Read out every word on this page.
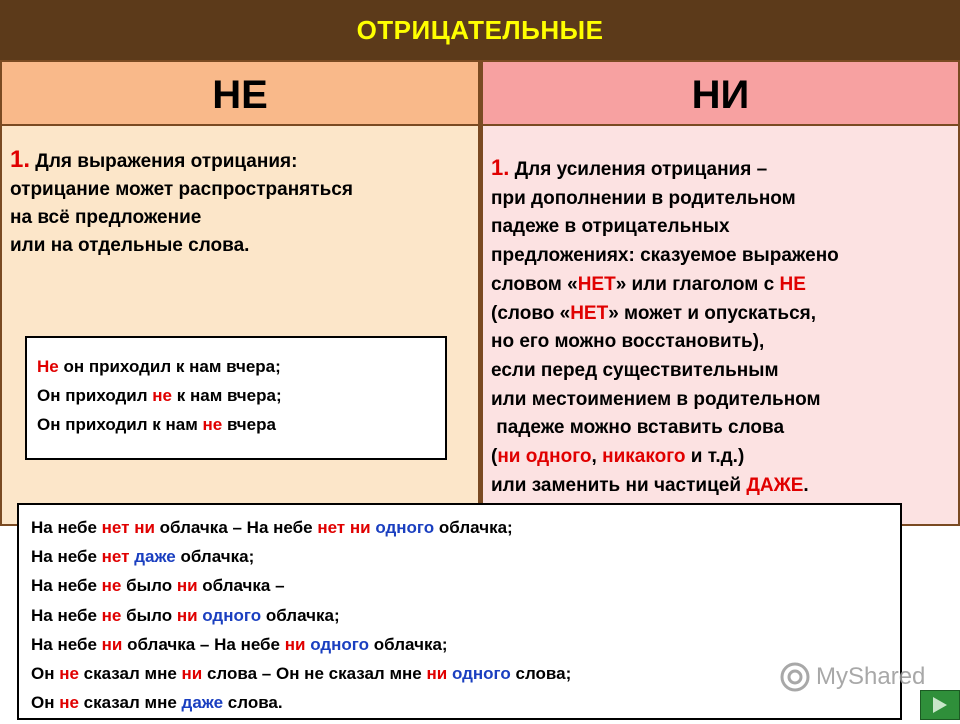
ОТРИЦАТЕЛЬНЫЕ
НЕ	НИ
1. Для выражения отрицания:
отрицание может распространяться
на всё предложение
или на отдельные слова.
Не он приходил к нам вчера;
Он приходил не к нам вчера;
Он приходил к нам не вчера
1. Для усиления отрицания –
при дополнении в родительном
падеже в отрицательных
предложениях: сказуемое выражено
словом «НЕТ» или глаголом с НЕ
(слово «НЕТ» может и опускаться,
но его можно восстановить),
если перед существительным
или местоимением в родительном
падеже можно вставить слова
(ни одного, никакого и т.д.)
или заменить ни частицей ДАЖЕ.
На небе нет ни облачка – На небе нет ни одного облачка;
На небе нет даже облачка;
На небе не было ни облачка –
На небе не было ни одного облачка;
На небе ни облачка – На небе ни одного облачка;
Он не сказал мне ни слова – Он не сказал мне ни одного слова;
Он не сказал мне даже слова.
MyShared
